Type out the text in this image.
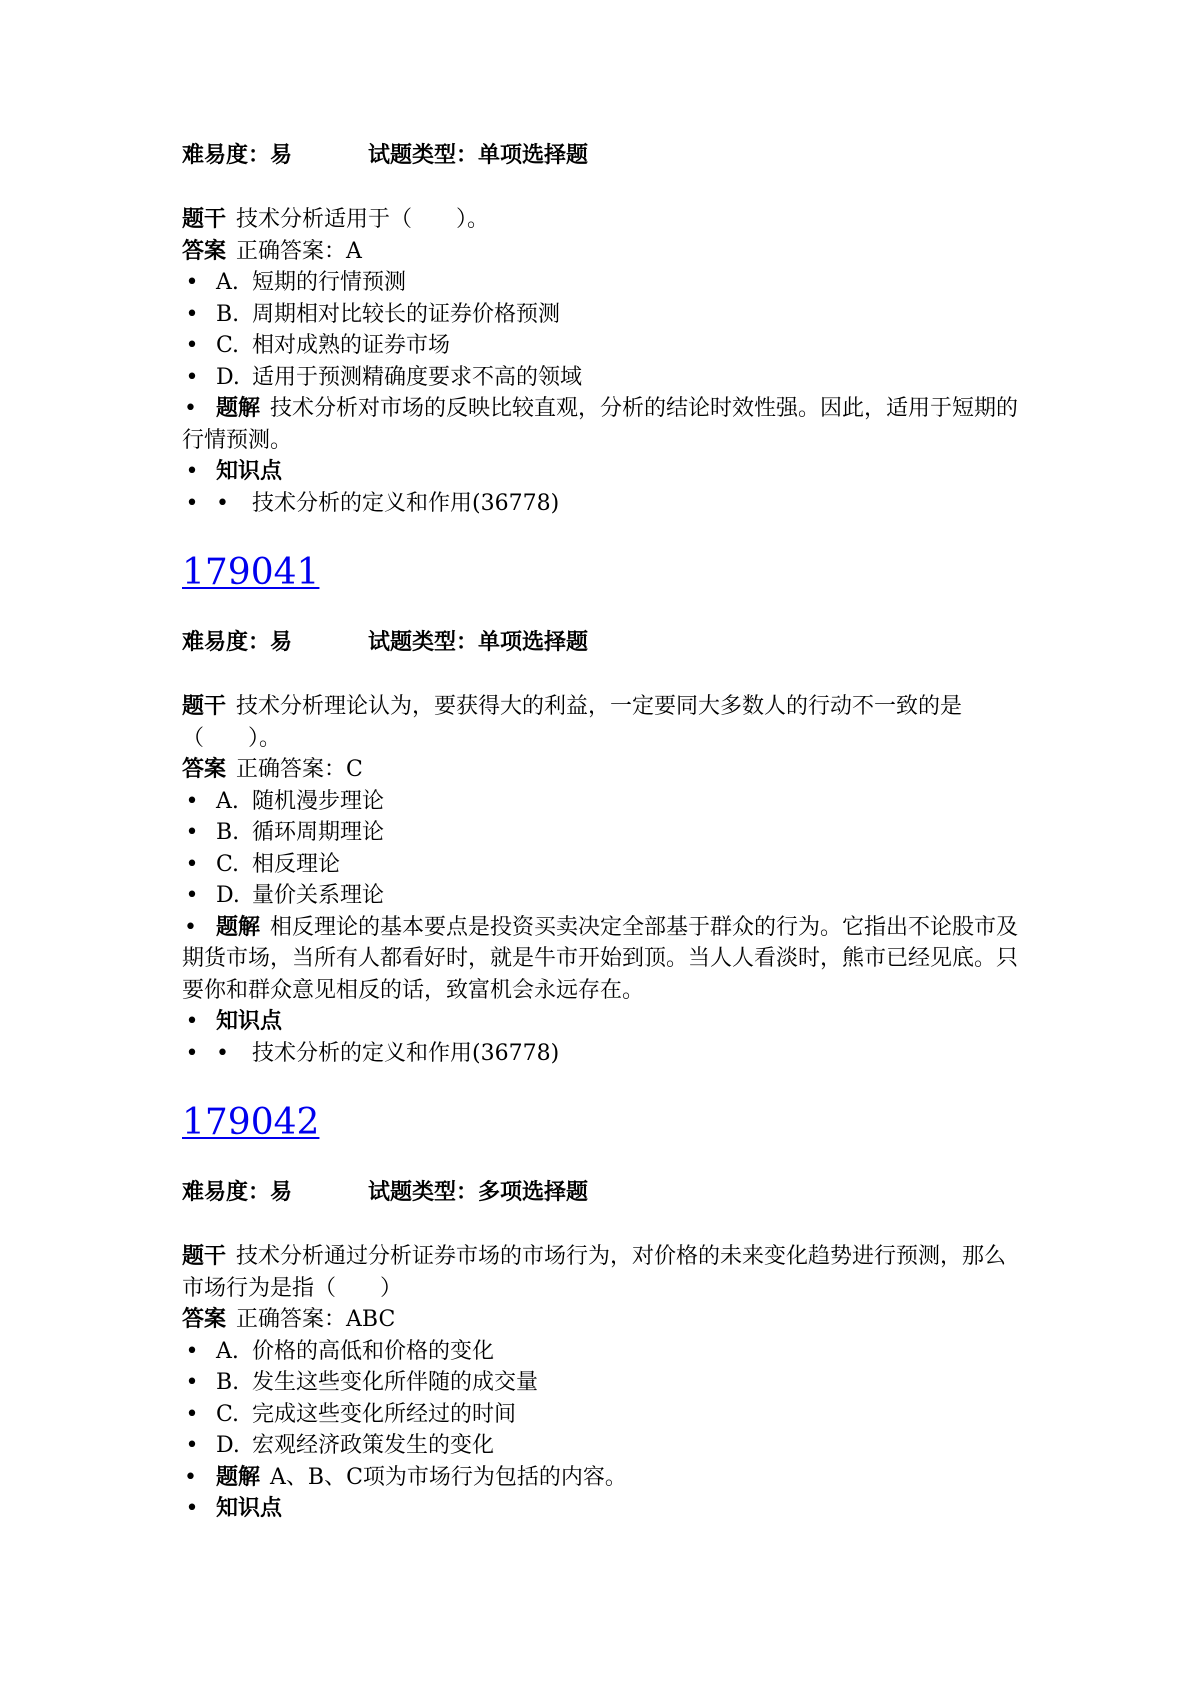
难易度：易	试题类型：单项选择题
题干 技术分析适用于（　　）。
答案 正确答案：A
• A. 短期的行情预测
• B. 周期相对比较长的证券价格预测
• C. 相对成熟的证券市场
• D. 适用于预测精确度要求不高的领域
• 题解 技术分析对市场的反映比较直观，分析的结论时效性强。因此，适用于短期的行情预测。
• 知识点
• • 技术分析的定义和作用(36778)
179041
难易度：易	试题类型：单项选择题
题干 技术分析理论认为，要获得大的利益，一定要同大多数人的行动不一致的是（　　）。
答案 正确答案：C
• A. 随机漫步理论
• B. 循环周期理论
• C. 相反理论
• D. 量价关系理论
• 题解 相反理论的基本要点是投资买卖决定全部基于群众的行为。它指出不论股市及期货市场，当所有人都看好时，就是牛市开始到顶。当人人看淡时，熊市已经见底。只要你和群众意见相反的话，致富机会永远存在。
• 知识点
• • 技术分析的定义和作用(36778)
179042
难易度：易	试题类型：多项选择题
题干 技术分析通过分析证券市场的市场行为，对价格的未来变化趋势进行预测，那么市场行为是指（　　）
答案 正确答案：ABC
• A. 价格的高低和价格的变化
• B. 发生这些变化所伴随的成交量
• C. 完成这些变化所经过的时间
• D. 宏观经济政策发生的变化
• 题解 A、B、C项为市场行为包括的内容。
• 知识点
